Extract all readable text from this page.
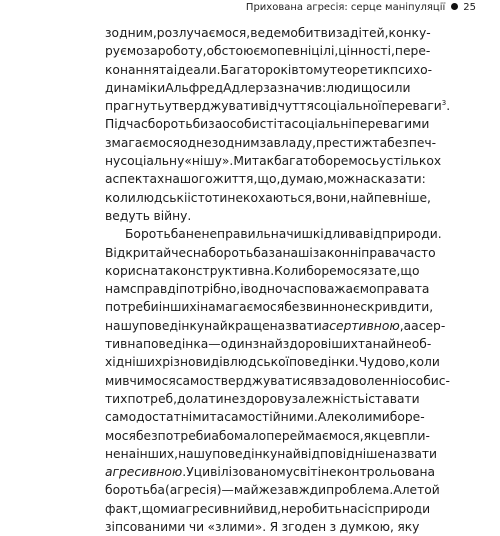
Прихована агресія: серце маніпуляції 25
з одним, розлучаємося, ведемо битви за дітей, конку-
руємо за роботу, обстоюємо певні цілі, цінності, пере-
конання та ідеали. Багато років тому теоретик психо-
динаміки Альфред Адлер зазначив: люди щосили
прагнуть утверджувати відчуття соціальної переваги$^3$.
Під час боротьби за особисті та соціальні переваги ми
змагаємося одне з одним за владу, престиж та безпеч-
ну соціальну «нішу». Ми так багато боремось у стількох
аспектах нашого життя, що, думаю, можна сказати:
коли людські істоти не кохаються, вони, найпевніше,
ведуть війну.
Боротьба не неправильна чи шкідлива від природи.
Відкрита й чесна боротьба за наші законні права часто
корисна та конструктивна. Коли боремося за те, що
нам справді потрібно, і водночас поважаємо права та
потреби інших і намагаємося безвинно не скривдити,
нашу поведінку найкраще назвати асертивною, а асер-
тивна поведінка — один з найздоровіших та найнеоб-
хідніших різновидів людської поведінки. Чудово, коли
ми вчимося самостверджуватися в задоволенні особис-
тих потреб, долати нездорову залежність і ставати
самодостатніми та самостійними. Але коли ми боре-
мося без потреби або мало переймаємося, як це впли-
не на інших, нашу поведінку найвідповідніше назвати
агресивною. У цивілізованому світі неконтрольована
боротьба (агресія) — майже завжди проблема. Але той
факт, що ми агресивний вид, не робить нас іс природи
зіпсованими чи «злими». Я згоден з думкою, яку
